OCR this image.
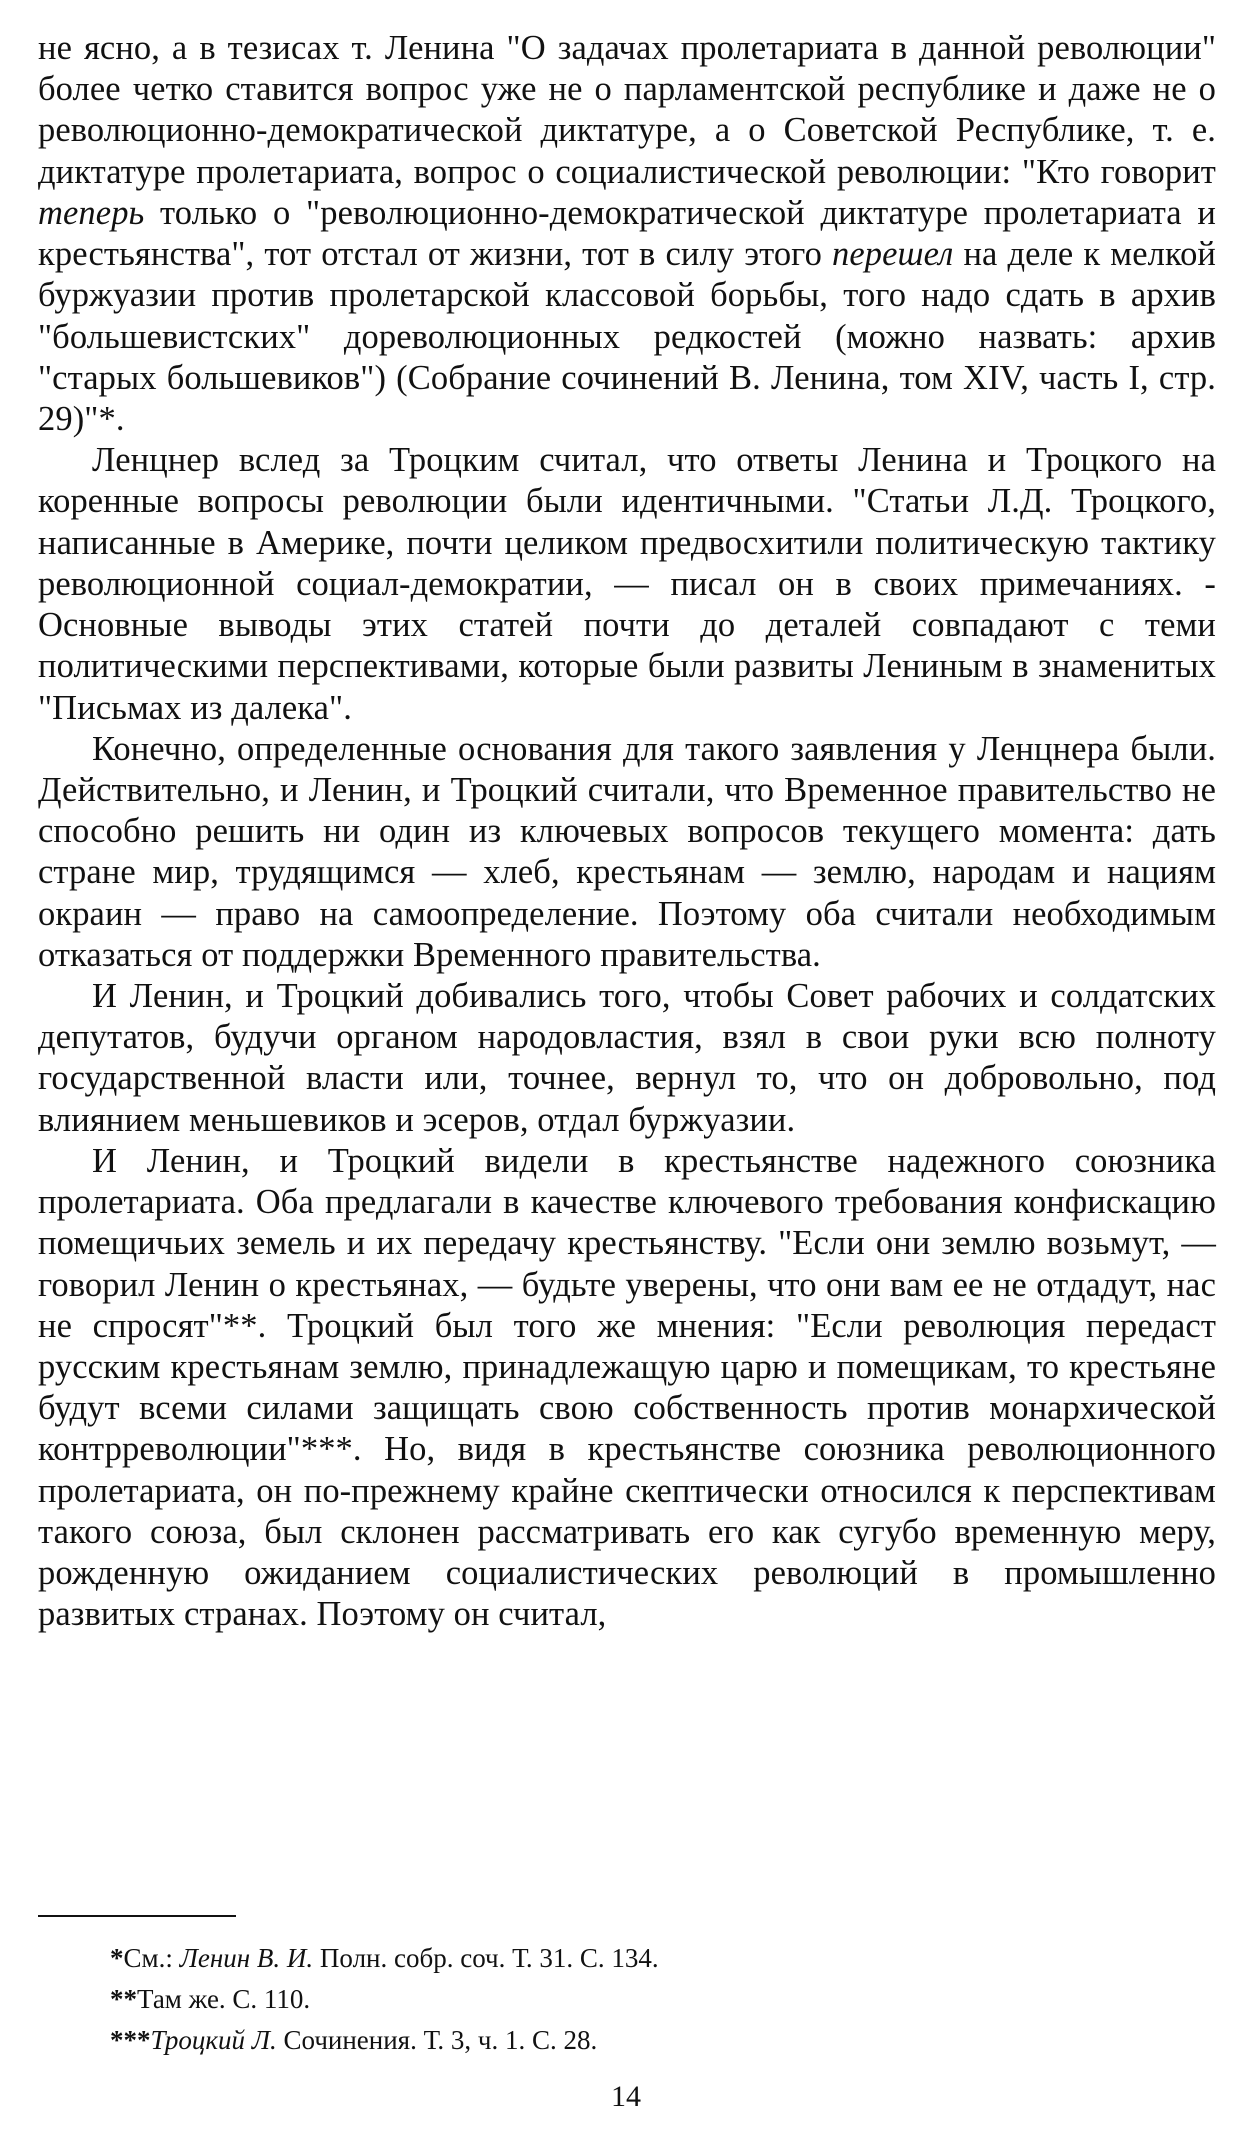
не ясно, а в тезисах т. Ленина "О задачах пролетариата в данной революции" более четко ставится вопрос уже не о парламентской республике и даже не о революционно-демократической диктатуре, а о Советской Республике, т. е. диктатуре пролетариата, вопрос о социалистической революции: "Кто говорит теперь только о "революционно-демократической диктатуре пролетариата и крестьянства", тот отстал от жизни, тот в силу этого перешел на деле к мелкой буржуазии против пролетарской классовой борьбы, того надо сдать в архив "большевистских" дореволюционных редкостей (можно назвать: архив "старых большевиков") (Собрание сочинений В. Ленина, том XIV, часть I, стр. 29)"*.

Ленцнер вслед за Троцким считал, что ответы Ленина и Троцкого на коренные вопросы революции были идентичными. "Статьи Л.Д. Троцкого, написанные в Америке, почти целиком предвосхитили политическую тактику революционной социал-демократии, — писал он в своих примечаниях. - Основные выводы этих статей почти до деталей совпадают с теми политическими перспективами, которые были развиты Лениным в знаменитых "Письмах из далека".

Конечно, определенные основания для такого заявления у Ленцнера были. Действительно, и Ленин, и Троцкий считали, что Временное правительство не способно решить ни один из ключевых вопросов текущего момента: дать стране мир, трудящимся — хлеб, крестьянам — землю, народам и нациям окраин — право на самоопределение. Поэтому оба считали необходимым отказаться от поддержки Временного правительства.

И Ленин, и Троцкий добивались того, чтобы Совет рабочих и солдатских депутатов, будучи органом народовластия, взял в свои руки всю полноту государственной власти или, точнее, вернул то, что он добровольно, под влиянием меньшевиков и эсеров, отдал буржуазии.

И Ленин, и Троцкий видели в крестьянстве надежного союзника пролетариата. Оба предлагали в качестве ключевого требования конфискацию помещичьих земель и их передачу крестьянству. "Если они землю возьмут, — говорил Ленин о крестьянах, — будьте уверены, что они вам ее не отдадут, нас не спросят"**. Троцкий был того же мнения: "Если революция передаст русским крестьянам землю, принадлежащую царю и помещикам, то крестьяне будут всеми силами защищать свою собственность против монархической контрреволюции"***. Но, видя в крестьянстве союзника революционного пролетариата, он по-прежнему крайне скептически относился к перспективам такого союза, был склонен рассматривать его как сугубо временную меру, рожденную ожиданием социалистических революций в промышленно развитых странах. Поэтому он считал,

*См.: Ленин В. И. Полн. собр. соч. Т. 31. С. 134.

**Там же. С. 110.

***Троцкий Л. Сочинения. Т. 3, ч. 1. С. 28.

14
